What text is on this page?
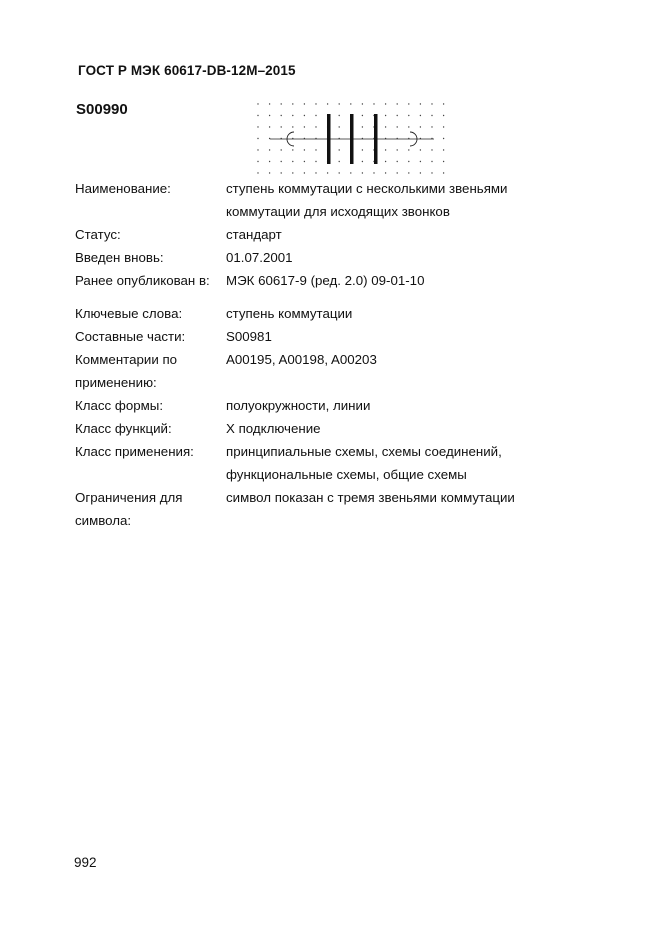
ГОСТ Р МЭК 60617-DB-12M–2015
S00990
Наименование:	ступень коммутации с несколькими звеньями
коммутации для исходящих звонков
Статус:	стандарт
Введен вновь:	01.07.2001
Ранее опубликован в: МЭК 60617-9 (ред. 2.0) 09-01-10
Ключевые слова:	ступень коммутации
Составные части:	S00981
Комментарии по
применению:
A00195, A00198, A00203
Класс формы:	полуокружности, линии
Класс функций:	X подключение
Класс применения: принципиальные схемы, схемы соединений,
функциональные схемы, общие схемы
Ограничения для
символа:
символ показан с тремя звеньями коммутации
992
